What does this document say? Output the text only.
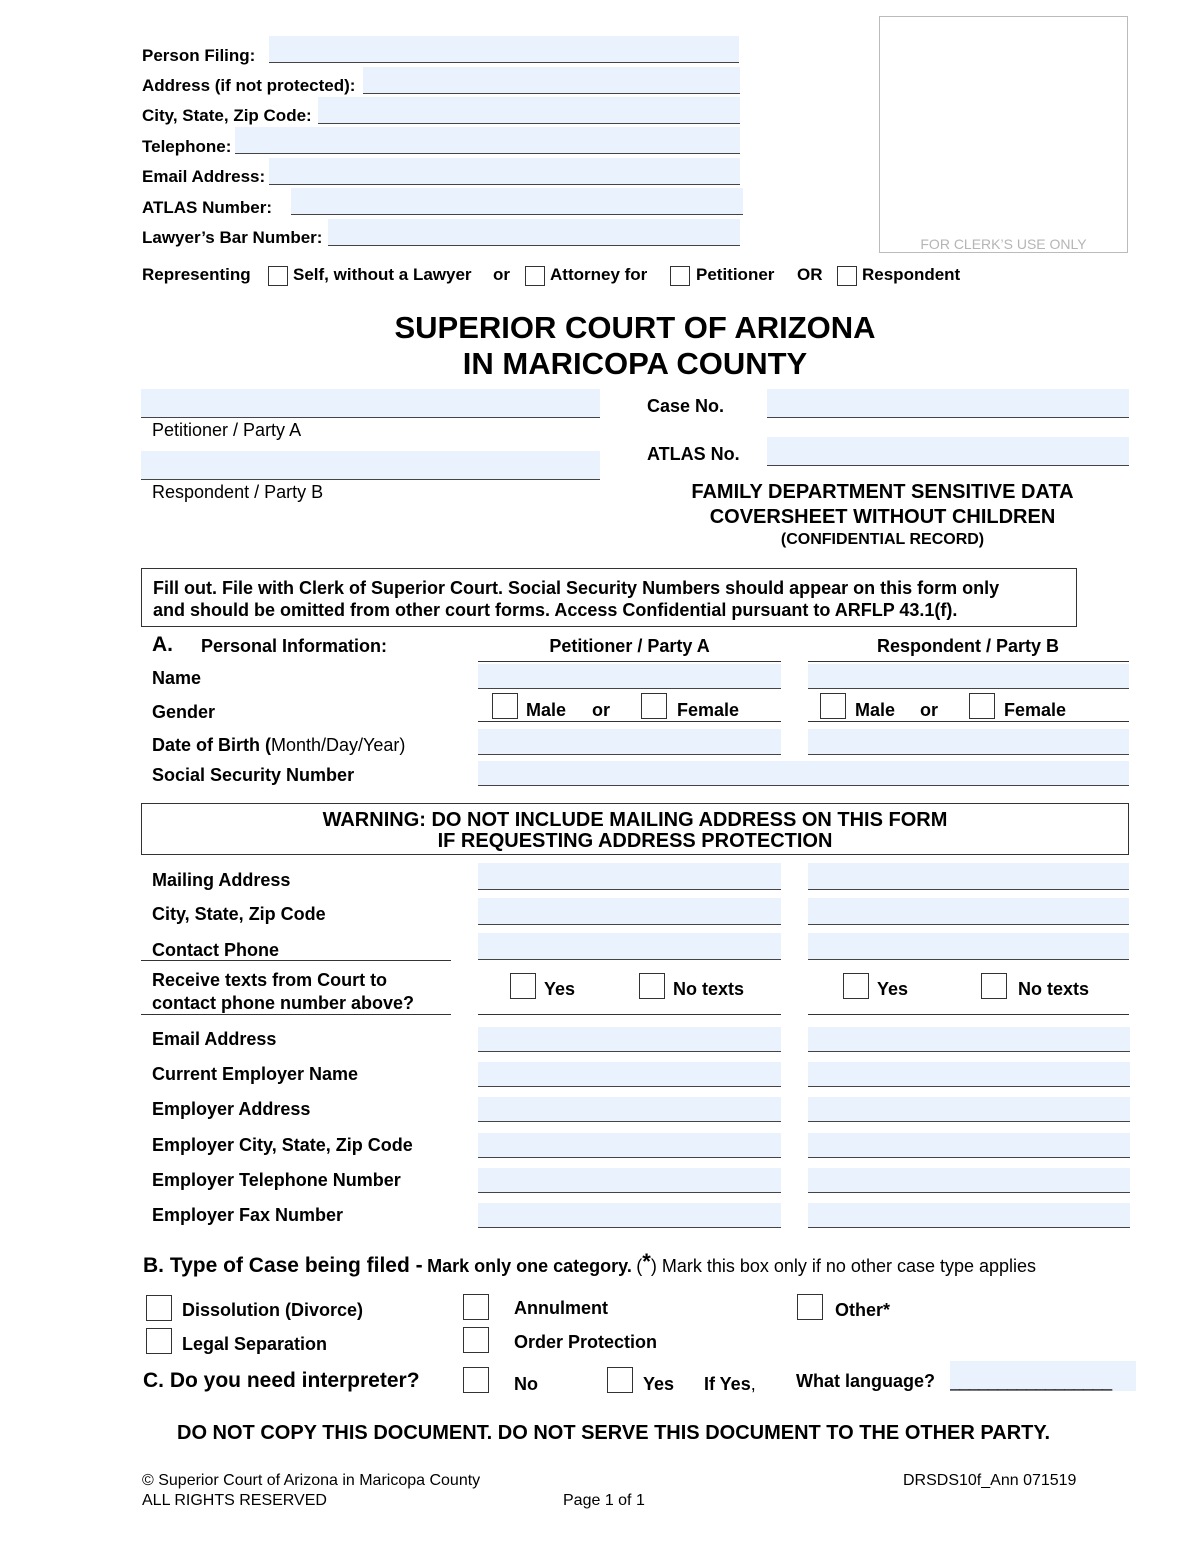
Person Filing:
Address (if not protected):
City, State, Zip Code:
Telephone:
Email Address:
ATLAS Number:
Lawyer’s Bar Number:	FOR CLERK’S USE ONLY
Representing Self, without a Lawyer or Attorney for	Petitioner OR Respondent
SUPERIOR COURT OF ARIZONA
IN MARICOPA COUNTY
Petitioner / Party A
Respondent / Party B
Case No.
ATLAS No.
FAMILY DEPARTMENT SENSITIVE DATA
COVERSHEET WITHOUT CHILDREN
(CONFIDENTIAL RECORD)
Fill out. File with Clerk of Superior Court. Social Security Numbers should appear on this form only
and should be omitted from other court forms. Access Confidential pursuant to ARFLP 43.1(f).
A. Personal Information:	Petitioner / Party A	Respondent / Party B
Name
Gender	Male or	Female	Male or	Female
Date of Birth (Month/Day/Year)
Social Security Number
WARNING: DO NOT INCLUDE MAILING ADDRESS ON THIS FORM
IF REQUESTING ADDRESS PROTECTION
Mailing Address
City, State, Zip Code
Contact Phone
Receive texts from Court to
contact phone number above?
Yes	No texts	Yes	No texts
Email Address
Current Employer Name
Employer Address
Employer City, State, Zip Code
Employer Telephone Number
Employer Fax Number
B. Type of Case being filed - Mark only one category. (*) Mark this box only if no other case type applies
Dissolution (Divorce)	Annulment	Other*
Legal Separation	Order Protection
C. Do you need interpreter?	No	Yes If Yes, What language? _________________
DO NOT COPY THIS DOCUMENT. DO NOT SERVE THIS DOCUMENT TO THE OTHER PARTY.
© Superior Court of Arizona in Maricopa County
ALL RIGHTS RESERVED
DRSDS10f_Ann 071519
Page 1 of 1
